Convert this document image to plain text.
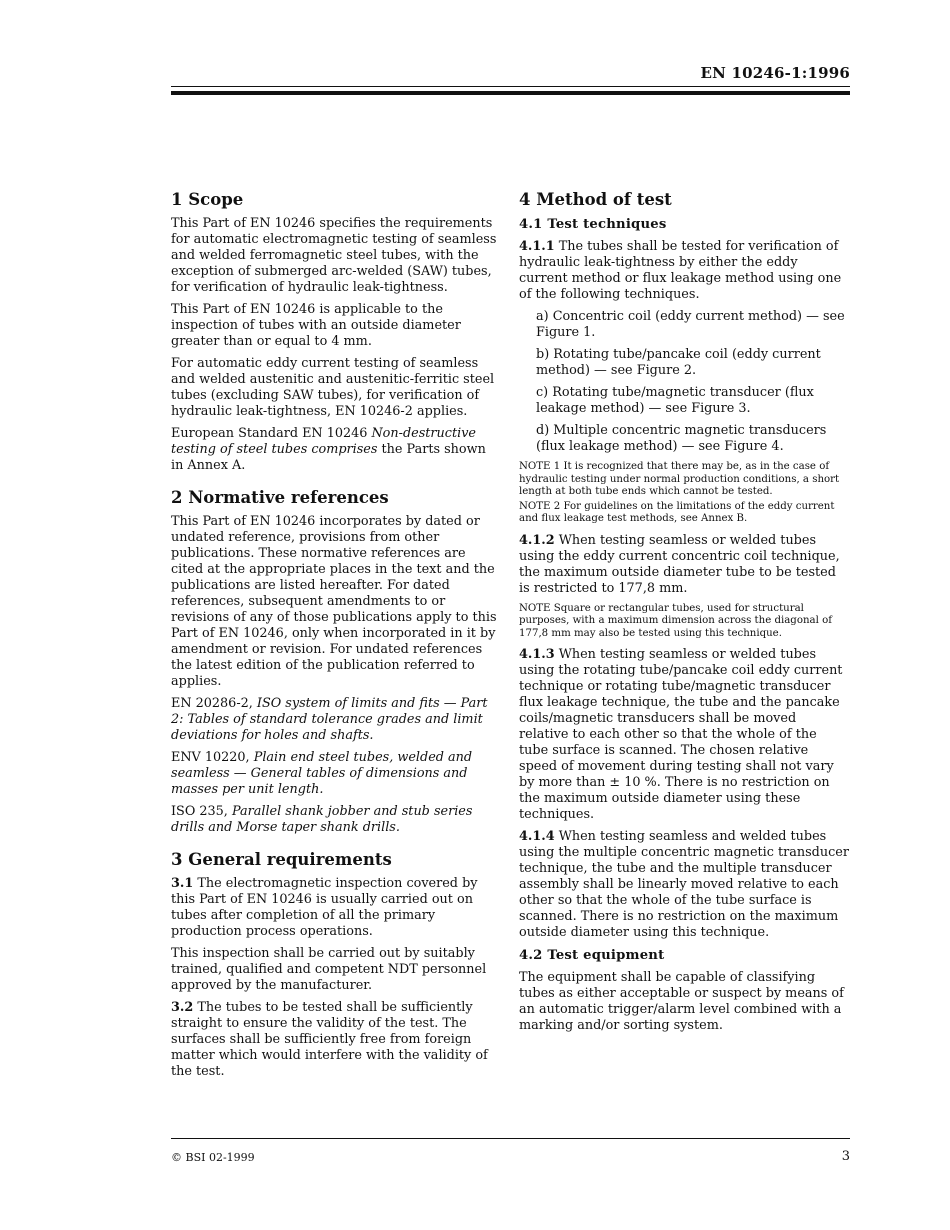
EN 10246-1:1996
1 Scope

This Part of EN 10246 specifies the requirements for automatic electromagnetic testing of seamless and welded ferromagnetic steel tubes, with the exception of submerged arc-welded (SAW) tubes, for verification of hydraulic leak-tightness.

This Part of EN 10246 is applicable to the inspection of tubes with an outside diameter greater than or equal to 4 mm.

For automatic eddy current testing of seamless and welded austenitic and austenitic-ferritic steel tubes (excluding SAW tubes), for verification of hydraulic leak-tightness, EN 10246-2 applies.

European Standard EN 10246 Non-destructive testing of steel tubes comprises the Parts shown in Annex A.

2 Normative references

This Part of EN 10246 incorporates by dated or undated reference, provisions from other publications. These normative references are cited at the appropriate places in the text and the publications are listed hereafter. For dated references, subsequent amendments to or revisions of any of those publications apply to this Part of EN 10246, only when incorporated in it by amendment or revision. For undated references the latest edition of the publication referred to applies.

EN 20286-2, ISO system of limits and fits — Part 2: Tables of standard tolerance grades and limit deviations for holes and shafts.

ENV 10220, Plain end steel tubes, welded and seamless — General tables of dimensions and masses per unit length.

ISO 235, Parallel shank jobber and stub series drills and Morse taper shank drills.

3 General requirements

3.1 The electromagnetic inspection covered by this Part of EN 10246 is usually carried out on tubes after completion of all the primary production process operations.

This inspection shall be carried out by suitably trained, qualified and competent NDT personnel approved by the manufacturer.

3.2 The tubes to be tested shall be sufficiently straight to ensure the validity of the test. The surfaces shall be sufficiently free from foreign matter which would interfere with the validity of the test.

4 Method of test
4.1 Test techniques

4.1.1 The tubes shall be tested for verification of hydraulic leak-tightness by either the eddy current method or flux leakage method using one of the following techniques.

a) Concentric coil (eddy current method) — see Figure 1.

b) Rotating tube/pancake coil (eddy current method) — see Figure 2.

c) Rotating tube/magnetic transducer (flux leakage method) — see Figure 3.

d) Multiple concentric magnetic transducers (flux leakage method) — see Figure 4.

NOTE 1 It is recognized that there may be, as in the case of hydraulic testing under normal production conditions, a short length at both tube ends which cannot be tested.

NOTE 2 For guidelines on the limitations of the eddy current and flux leakage test methods, see Annex B.

4.1.2 When testing seamless or welded tubes using the eddy current concentric coil technique, the maximum outside diameter tube to be tested is restricted to 177,8 mm.

NOTE Square or rectangular tubes, used for structural purposes, with a maximum dimension across the diagonal of 177,8 mm may also be tested using this technique.

4.1.3 When testing seamless or welded tubes using the rotating tube/pancake coil eddy current technique or rotating tube/magnetic transducer flux leakage technique, the tube and the pancake coils/magnetic transducers shall be moved relative to each other so that the whole of the tube surface is scanned. The chosen relative speed of movement during testing shall not vary by more than ± 10 %. There is no restriction on the maximum outside diameter using these techniques.

4.1.4 When testing seamless and welded tubes using the multiple concentric magnetic transducer technique, the tube and the multiple transducer assembly shall be linearly moved relative to each other so that the whole of the tube surface is scanned. There is no restriction on the maximum outside diameter using this technique.

4.2 Test equipment

The equipment shall be capable of classifying tubes as either acceptable or suspect by means of an automatic trigger/alarm level combined with a marking and/or sorting system.

© BSI 02-1999	3
